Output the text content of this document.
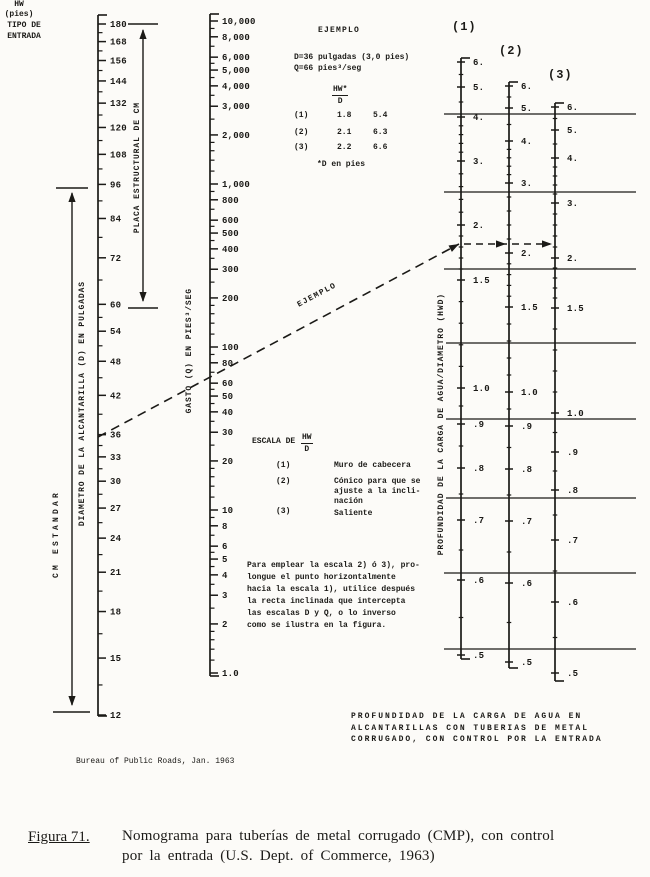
180
168
156
144
132
120
108
96
84
72
60
54
48
42
36
33
30
27
24
21
18
15
12
10,000
8,000
6,000
5,000
4,000
3,000
2,000
1,000
800
600
500
400
300
200
100
80
60
50
40
30
20
10
8
6
5
4
3
2
1.0
6.
5.
4.
3.
2.
1.5
1.0
.9
.8
.7
.6
.5
6.
5.
4.
3.
2.
1.5
1.0
.9
.8
.7
.6
.5
6.
5.
4.
3.
2.
1.5
1.0
.9
.8
.7
.6
.5
(1)
(2)
(3)
PLACA ESTRUCTURAL DE CM
DIAMETRO DE LA ALCANTARILLA (D) EN PULGADAS
CM ESTANDAR
GASTO (Q) EN PIES³/SEG	PROFUNDIDAD DE LA CARGA DE AGUA/DIAMETRO (HWD)
EJEMPLO
D=36 pulgadas (3,0 pies)
Q=66 pies³/seg
$\frac{HW*}{D}$
HW
(pies)
(1)	1.8	5.4
(2)	2.1	6.3
(3)	2.2	6.6
*D en pies
EJEMPLO
ESCALA DE $\frac{HW}{D}$
TIPO DE
ENTRADA
(1)	Muro de cabecera
(2)	Cónico para que se
ajuste a la incli-
nación
(3)	Saliente
Para emplear la escala 2) ó 3), pro-
longue el punto horizontalmente
hacia la escala 1), utilice después
la recta inclinada que intercepta
las escalas D y Q, o lo inverso
como se ilustra en la figura.
PROFUNDIDAD DE LA CARGA DE AGUA EN
ALCANTARILLAS CON TUBERIAS DE METAL
CORRUGADO, CON CONTROL POR LA ENTRADA
Bureau of Public Roads, Jan. 1963
Figura 71. Nomograma para tuberías de metal corrugado (CMP), con control
por la entrada (U.S. Dept. of Commerce, 1963)
